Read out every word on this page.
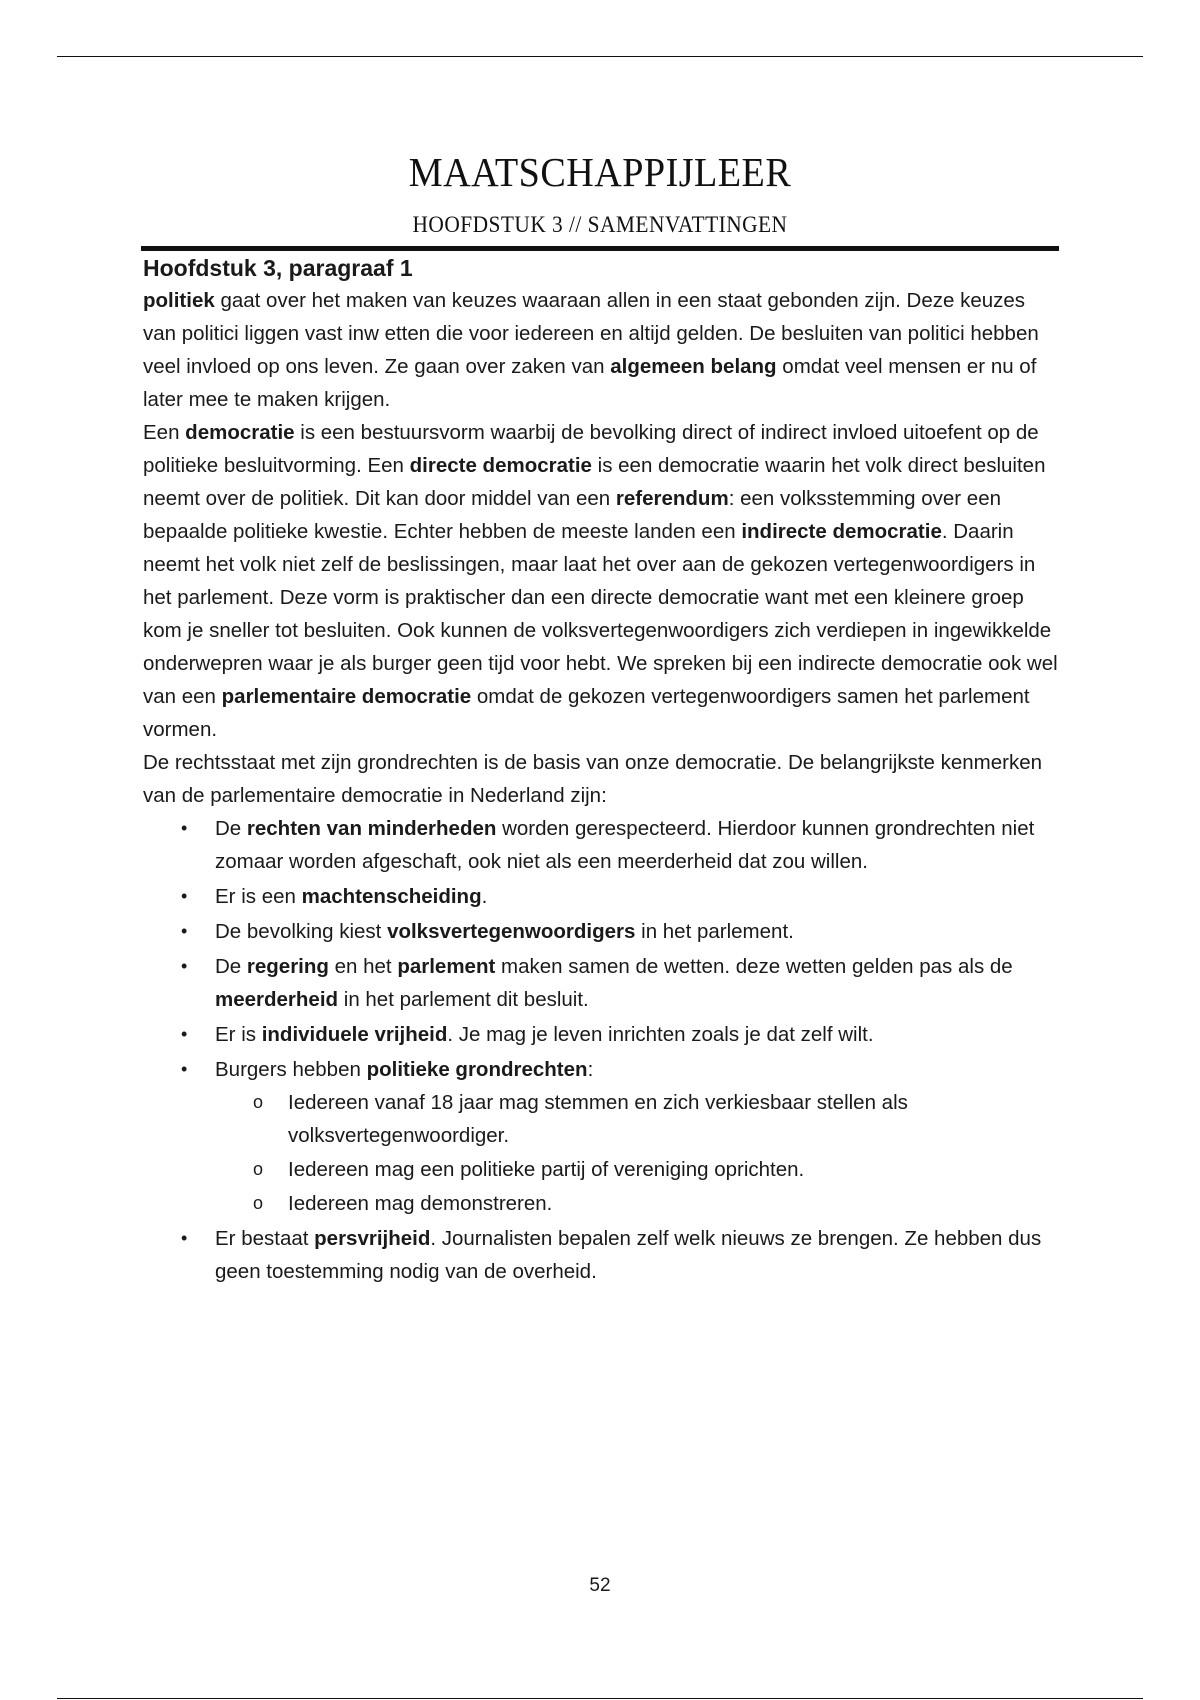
MAATSCHAPPIJLEER
HOOFDSTUK 3 // SAMENVATTINGEN
Hoofdstuk 3, paragraaf 1

politiek gaat over het maken van keuzes waaraan allen in een staat gebonden zijn. Deze keuzes van politici liggen vast inw etten die voor iedereen en altijd gelden. De besluiten van politici hebben veel invloed op ons leven. Ze gaan over zaken van algemeen belang omdat veel mensen er nu of later mee te maken krijgen.

Een democratie is een bestuursvorm waarbij de bevolking direct of indirect invloed uitoefent op de politieke besluitvorming. Een directe democratie is een democratie waarin het volk direct besluiten neemt over de politiek. Dit kan door middel van een referendum: een volksstemming over een bepaalde politieke kwestie. Echter hebben de meeste landen een indirecte democratie. Daarin neemt het volk niet zelf de beslissingen, maar laat het over aan de gekozen vertegenwoordigers in het parlement. Deze vorm is praktischer dan een directe democratie want met een kleinere groep kom je sneller tot besluiten. Ook kunnen de volksvertegenwoordigers zich verdiepen in ingewikkelde onderwepren waar je als burger geen tijd voor hebt. We spreken bij een indirecte democratie ook wel van een parlementaire democratie omdat de gekozen vertegenwoordigers samen het parlement vormen.

De rechtsstaat met zijn grondrechten is de basis van onze democratie. De belangrijkste kenmerken van de parlementaire democratie in Nederland zijn:

• De rechten van minderheden worden gerespecteerd. Hierdoor kunnen grondrechten niet zomaar worden afgeschaft, ook niet als een meerderheid dat zou willen.
• Er is een machtenscheiding.
• De bevolking kiest volksvertegenwoordigers in het parlement.
• De regering en het parlement maken samen de wetten. deze wetten gelden pas als de meerderheid in het parlement dit besluit.
• Er is individuele vrijheid. Je mag je leven inrichten zoals je dat zelf wilt.
• Burgers hebben politieke grondrechten:
o Iedereen vanaf 18 jaar mag stemmen en zich verkiesbaar stellen als volksvertegenwoordiger.
o Iedereen mag een politieke partij of vereniging oprichten.
o Iedereen mag demonstreren.
• Er bestaat persvrijheid. Journalisten bepalen zelf welk nieuws ze brengen. Ze hebben dus geen toestemming nodig van de overheid.
52
